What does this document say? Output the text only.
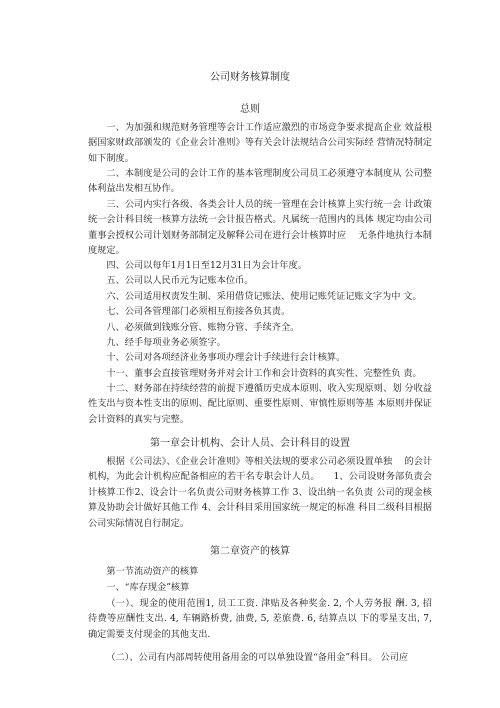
公司财务核算制度
总则
一、为加强和规范财务管理等会计工作适应激烈的市场竞争要求提高企业 效益根据国家财政部颁发的《企业会计准则》等有关会计法规结合公司实际经 营情况特制定如下制度。
二、本制度是公司的会计工作的基本管理制度公司员工必须遵守本制度从 公司整体利益出发相互协作。
三、公司内实行各级、各类会计人员的统一管理在会计核算上实行统一会 计政策统一会计科目统一核算方法统一会计报告格式。凡属统一范围内的具体 规定均由公司董事会授权公司计划财务部制定及解释公司在进行会计核算时应　 无条件地执行本制度规定。
四、公司以每年1月1日至12月31日为会计年度。
五、公司以人民币元为记账本位币。
六、公司适用权责发生制、采用借贷记账法、使用记账凭证记账文字为中 文。
七、公司各管理部门必须相互衔接各负其责。
八、必须做到钱账分管、账物分管、手续齐全。
九、经手每项业务必须签字。
十、公司对各项经济业务事项办理会计手续进行会计核算。
十一、董事会直接管理财务并对会计工作和会计资料的真实性、完整性负 责。
十二、财务部在持续经营的前提下遵循历史成本原则、收入实现原则、划 分收益性支出与资本性支出的原则、配比原则、重要性原则、审慎性原则等基 本原则并保证会计资料的真实与完整。
第一章会计机构、会计人员、会计科目的设置
根据《公司法》、《企业会计准则》等相关法规的要求公司必须设置单独　 的会计机构，为此会计机构应配备相应的若干名专职会计人员。　　1、公司设财务部负责会计核算工作2、设会计一名负责公司财务核算工作 3、设出纳一名负责 公司的现金核算及协助会计做好其他工作 4、会计科目采用国家统一规定的标准 科目二级科目根据公司实际情况自行制定。
第二章资产的核算
第一节流动资产的核算
一、“库存现金”核算
（一）、现金的使用范围1, 员工工资. 津贴及各种奖金. 2, 个人劳务报 酬. 3, 招待费等应酬性支出. 4, 车辆路桥费, 油费, 5, 差旅费. 6, 结算点以 下的零星支出, 7, 确定需要支付现金的其他支出.
（二）、公司有内部周转使用备用金的可以单独设置“备用金”科目。 公司应
